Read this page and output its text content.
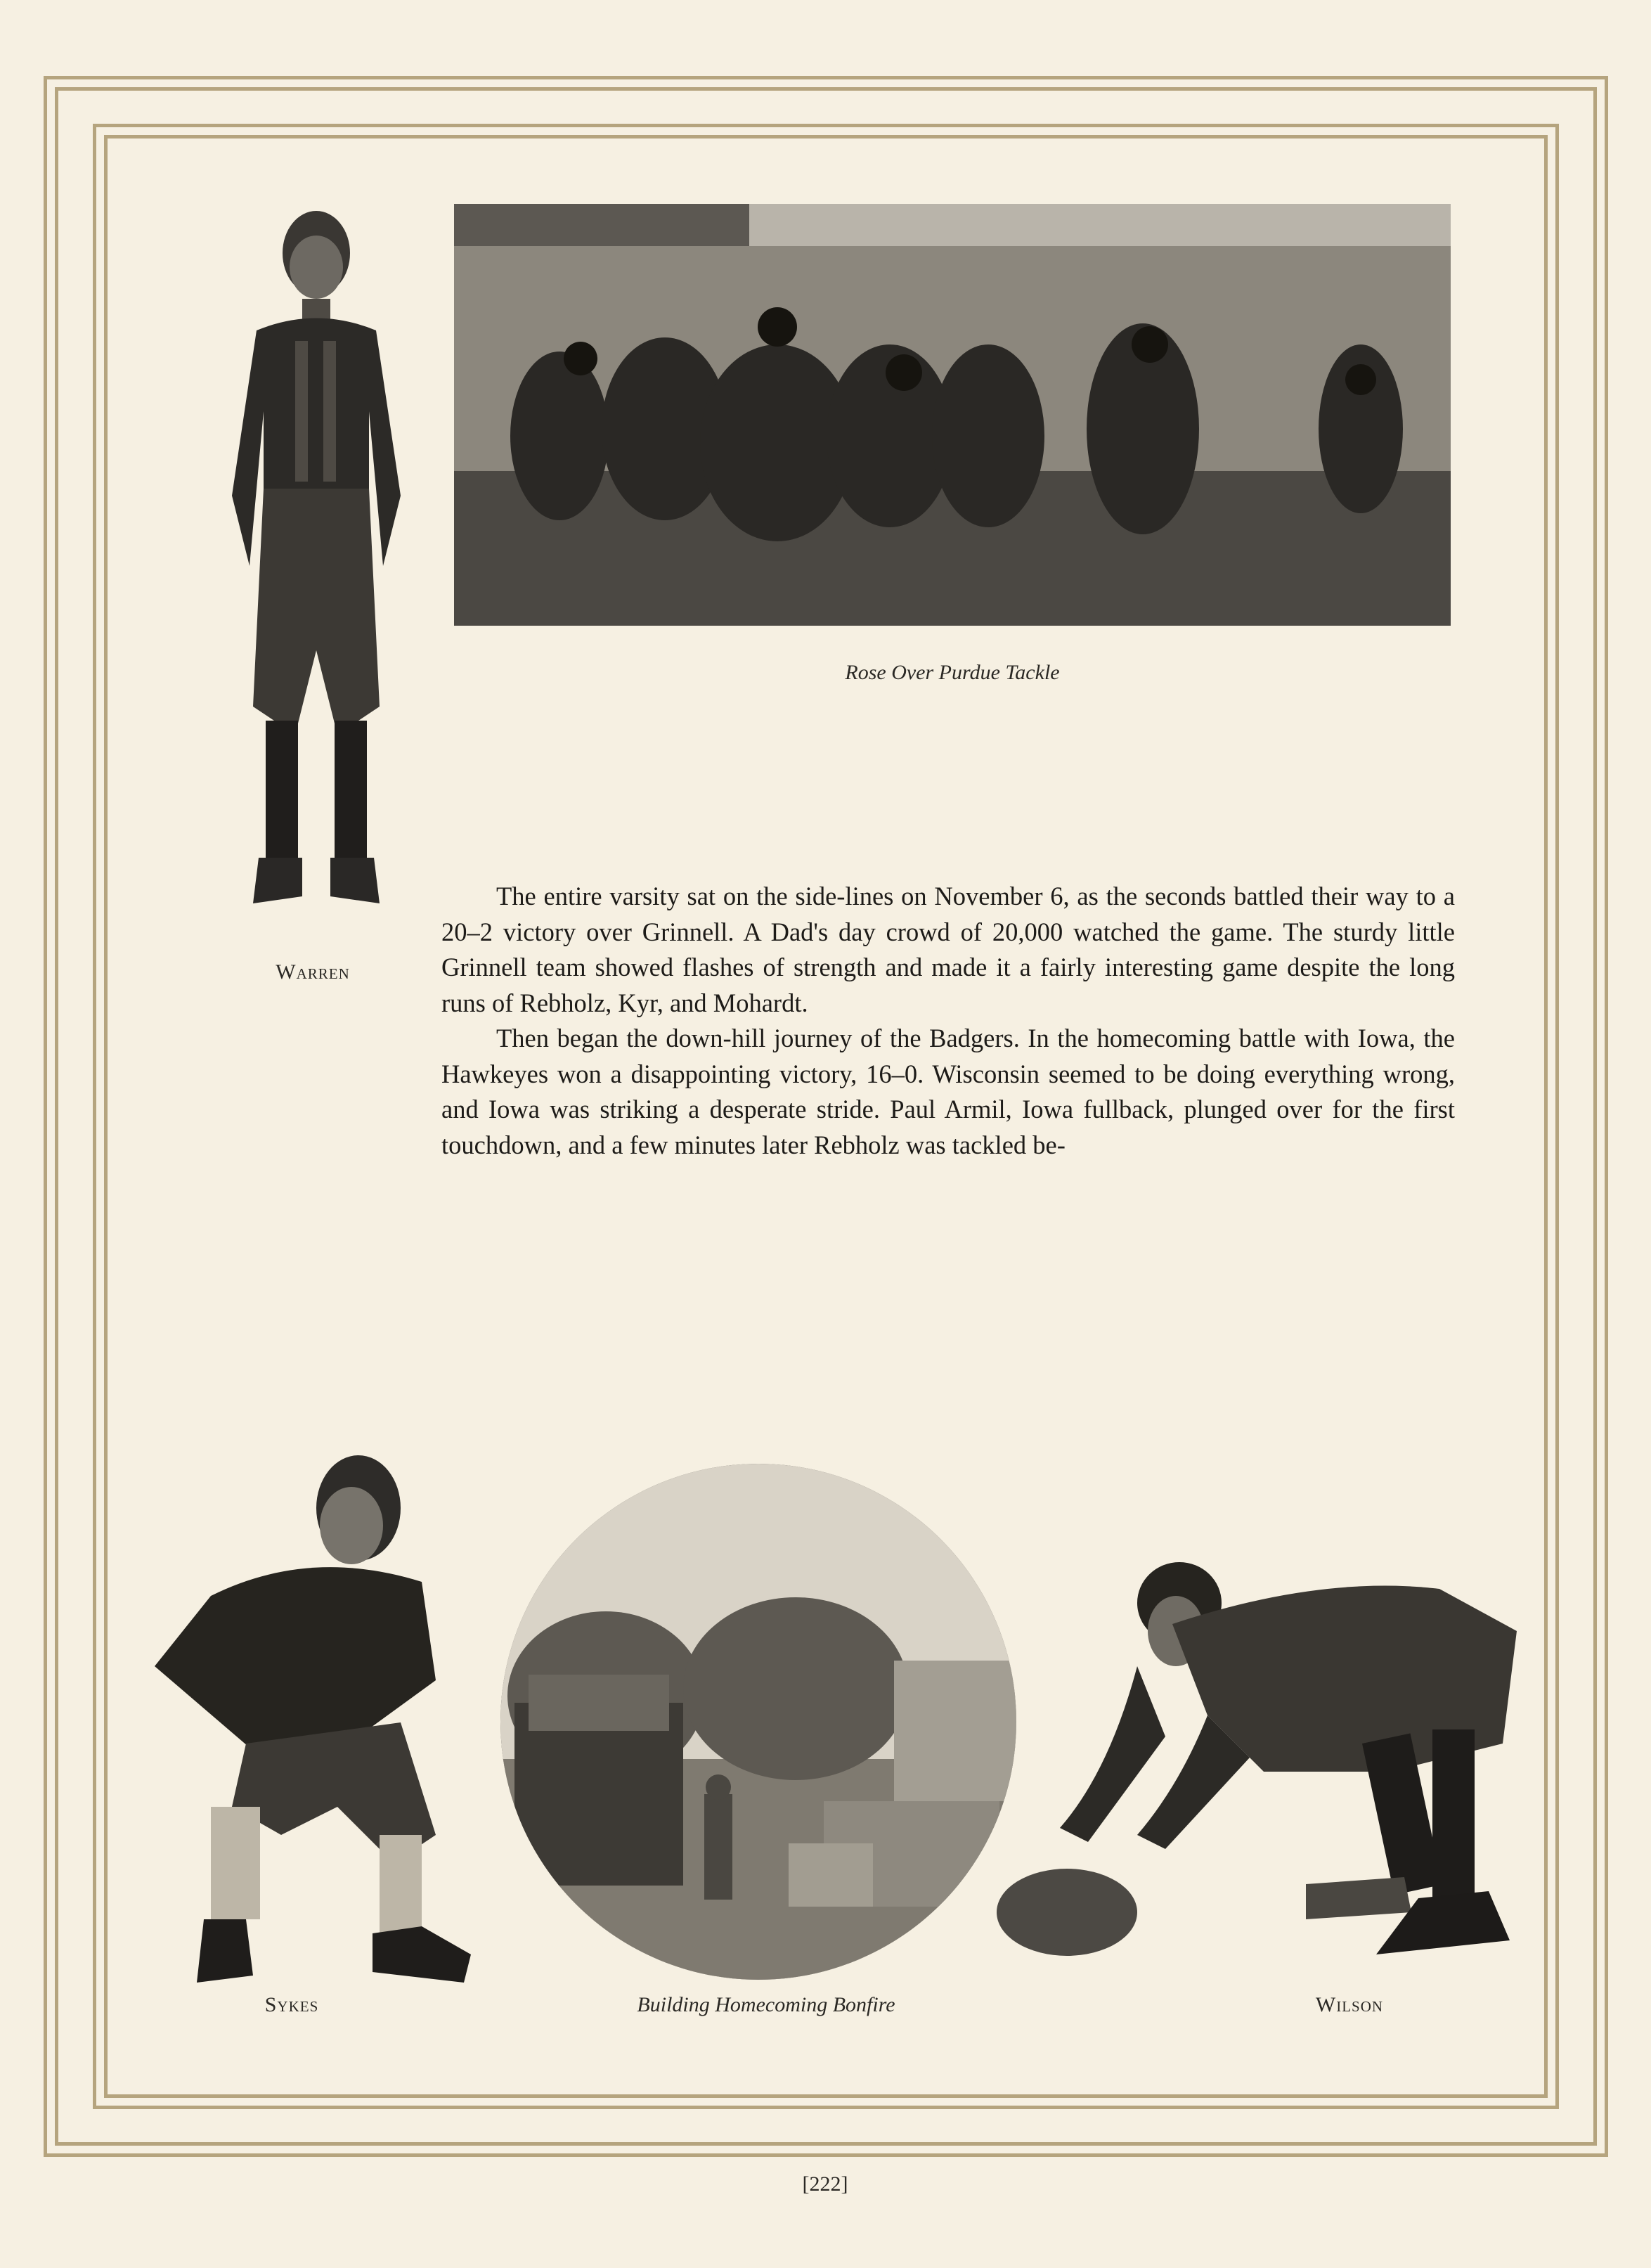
Warren
Rose Over Purdue Tackle

The entire varsity sat on the side-lines on November 6, as the seconds battled their way to a 20–2 victory over Grinnell. A Dad's day crowd of 20,000 watched the game. The sturdy little Grinnell team showed flashes of strength and made it a fairly interesting game despite the long runs of Rebholz, Kyr, and Mohardt.

Then began the down-hill journey of the Badgers. In the homecoming battle with Iowa, the Hawkeyes won a disappointing victory, 16–0. Wisconsin seemed to be doing everything wrong, and Iowa was striking a desperate stride. Paul Armil, Iowa fullback, plunged over for the first touchdown, and a few minutes later Rebholz was tackled be-

Sykes	Building Homecoming Bonfire	Wilson
[222]
